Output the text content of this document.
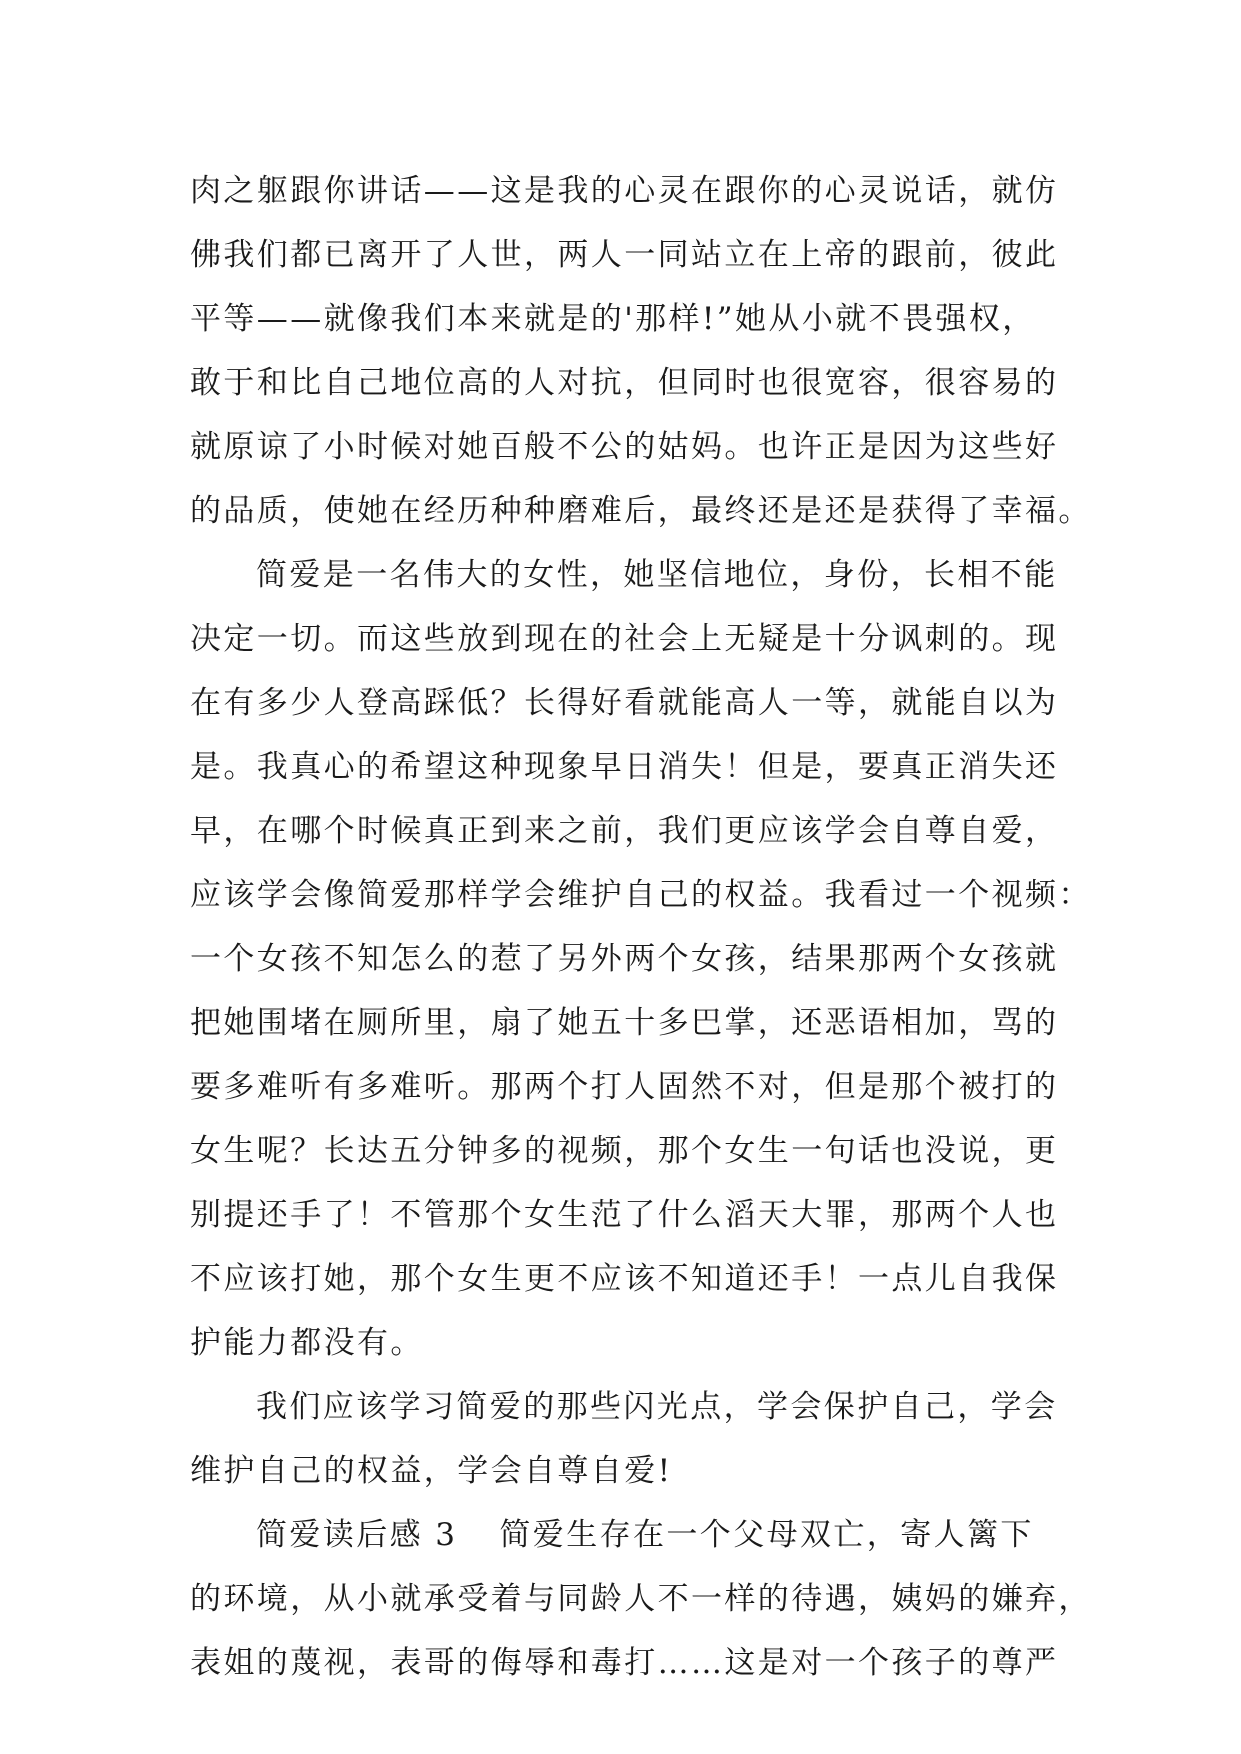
肉之躯跟你讲话——这是我的心灵在跟你的心灵说话，就仿
佛我们都已离开了人世，两人一同站立在上帝的跟前，彼此
平等——就像我们本来就是的'那样!”她从小就不畏强权，
敢于和比自己地位高的人对抗，但同时也很宽容，很容易的
就原谅了小时候对她百般不公的姑妈。也许正是因为这些好
的品质，使她在经历种种磨难后，最终还是还是获得了幸福。
简爱是一名伟大的女性，她坚信地位，身份，长相不能
决定一切。而这些放到现在的社会上无疑是十分讽刺的。现
在有多少人登高踩低？长得好看就能高人一等，就能自以为
是。我真心的希望这种现象早日消失！但是，要真正消失还
早，在哪个时候真正到来之前，我们更应该学会自尊自爱，
应该学会像简爱那样学会维护自己的权益。我看过一个视频：
一个女孩不知怎么的惹了另外两个女孩，结果那两个女孩就
把她围堵在厕所里，扇了她五十多巴掌，还恶语相加，骂的
要多难听有多难听。那两个打人固然不对，但是那个被打的
女生呢？长达五分钟多的视频，那个女生一句话也没说，更
别提还手了！不管那个女生范了什么滔天大罪，那两个人也
不应该打她，那个女生更不应该不知道还手！一点儿自我保
护能力都没有。
我们应该学习简爱的那些闪光点，学会保护自己，学会
维护自己的权益，学会自尊自爱!
简爱读后感 3 简爱生存在一个父母双亡，寄人篱下
的环境，从小就承受着与同龄人不一样的待遇，姨妈的嫌弃，
表姐的蔑视，表哥的侮辱和毒打……这是对一个孩子的尊严
